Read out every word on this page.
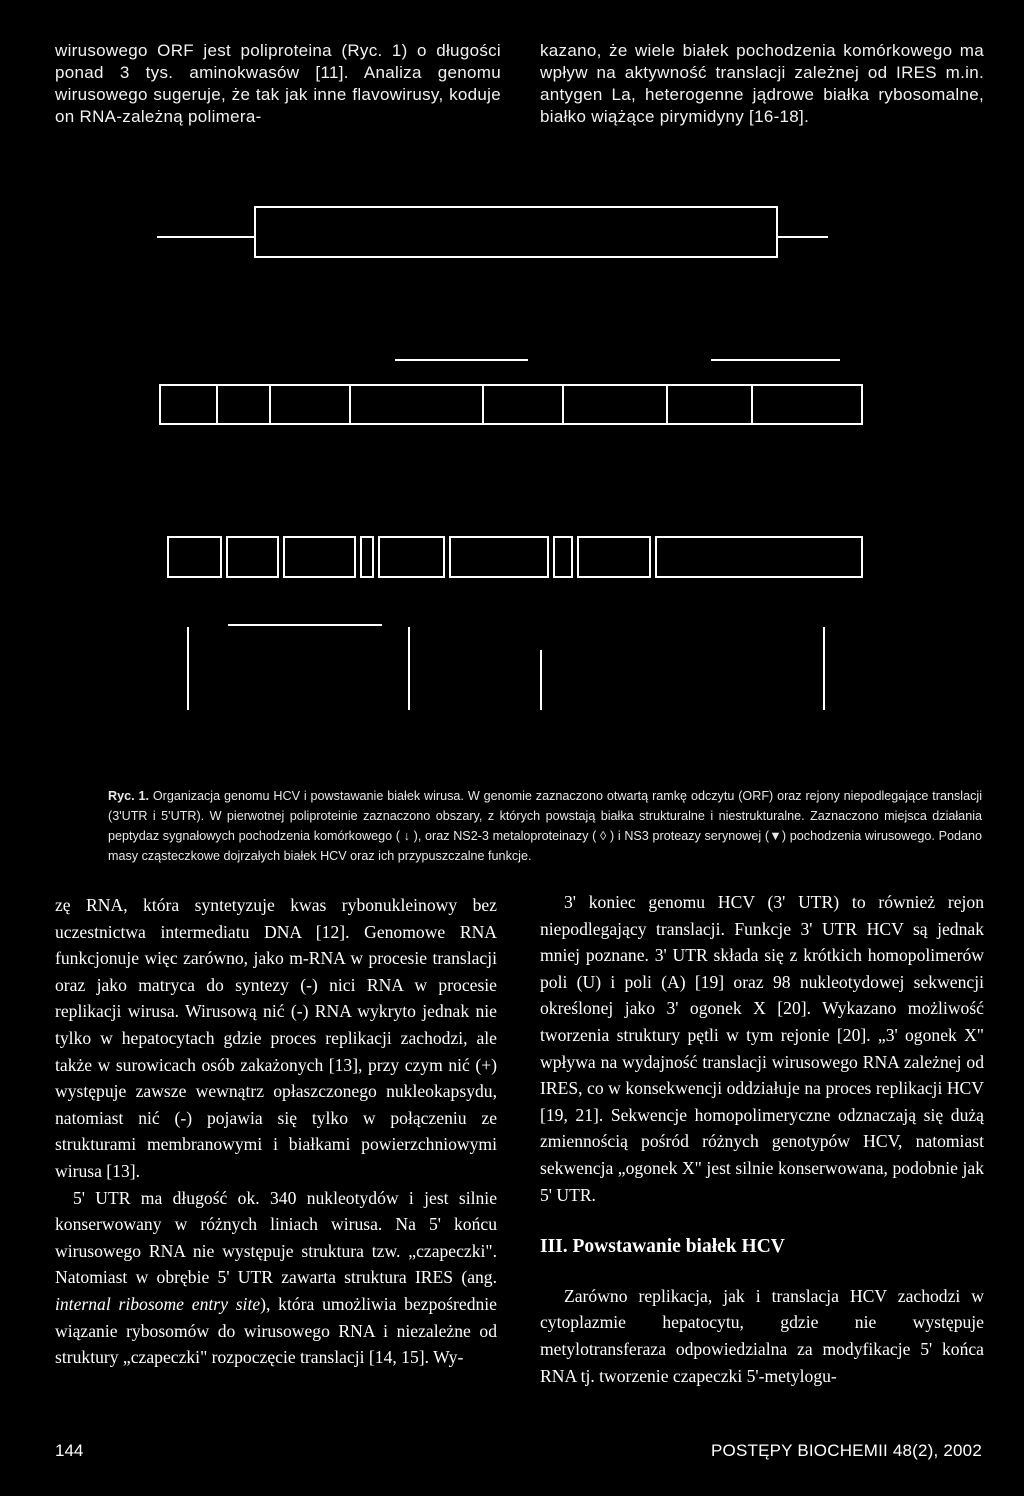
wirusowego ORF jest poliproteina (Ryc. 1) o długości ponad 3 tys. aminokwasów [11]. Analiza genomu wirusowego sugeruje, że tak jak inne flavowirusy, koduje on RNA-zależną polimera-

kazano, że wiele białek pochodzenia komórkowego ma wpływ na aktywność translacji zależnej od IRES m.in. antygen La, heterogenne jądrowe białka rybosomalne, białko wiążące pirymidyny [16-18].

Ryc. 1. Organizacja genomu HCV i powstawanie białek wirusa. W genomie zaznaczono otwartą ramkę odczytu (ORF) oraz rejony niepodlegające translacji (3'UTR i 5'UTR). W pierwotnej poliproteinie zaznaczono obszary, z których powstają białka strukturalne i niestrukturalne. Zaznaczono miejsca działania peptydaz sygnałowych pochodzenia komórkowego ( ↓ ), oraz NS2-3 metaloproteinazy ( ◊ ) i NS3 proteazy serynowej (▼) pochodzenia wirusowego. Podano masy cząsteczkowe dojrzałych białek HCV oraz ich przypuszczalne funkcje.

zę RNA, która syntetyzuje kwas rybonukleinowy bez uczestnictwa intermediatu DNA [12]. Genomowe RNA funkcjonuje więc zarówno, jako m-RNA w procesie translacji oraz jako matryca do syntezy (-) nici RNA w procesie replikacji wirusa. Wirusową nić (-) RNA wykryto jednak nie tylko w hepatocytach gdzie proces replikacji zachodzi, ale także w surowicach osób zakażonych [13], przy czym nić (+) występuje zawsze wewnątrz opłaszczonego nukleokapsydu, natomiast nić (-) pojawia się tylko w połączeniu ze strukturami membranowymi i białkami powierzchniowymi wirusa [13].

5' UTR ma długość ok. 340 nukleotydów i jest silnie konserwowany w różnych liniach wirusa. Na 5' końcu wirusowego RNA nie występuje struktura tzw. „czapeczki". Natomiast w obrębie 5' UTR zawarta struktura IRES (ang. internal ribosome entry site), która umożliwia bezpośrednie wiązanie rybosomów do wirusowego RNA i niezależne od struktury „czapeczki" rozpoczęcie translacji [14, 15]. Wy-

3' koniec genomu HCV (3' UTR) to również rejon niepodlegający translacji. Funkcje 3' UTR HCV są jednak mniej poznane. 3' UTR składa się z krótkich homopolimerów poli (U) i poli (A) [19] oraz 98 nukleotydowej sekwencji określonej jako 3' ogonek X [20]. Wykazano możliwość tworzenia struktury pętli w tym rejonie [20]. „3' ogonek X" wpływa na wydajność translacji wirusowego RNA zależnej od IRES, co w konsekwencji oddziałuje na proces replikacji HCV [19, 21]. Sekwencje homopolimeryczne odznaczają się dużą zmiennością pośród różnych genotypów HCV, natomiast sekwencja „ogonek X" jest silnie konserwowana, podobnie jak 5' UTR.

III. Powstawanie białek HCV

Zarówno replikacja, jak i translacja HCV zachodzi w cytoplazmie hepatocytu, gdzie nie występuje metylotransferaza odpowiedzialna za modyfikacje 5' końca RNA tj. tworzenie czapeczki 5'-metylogu-

144	POSTĘPY BIOCHEMII 48(2), 2002
